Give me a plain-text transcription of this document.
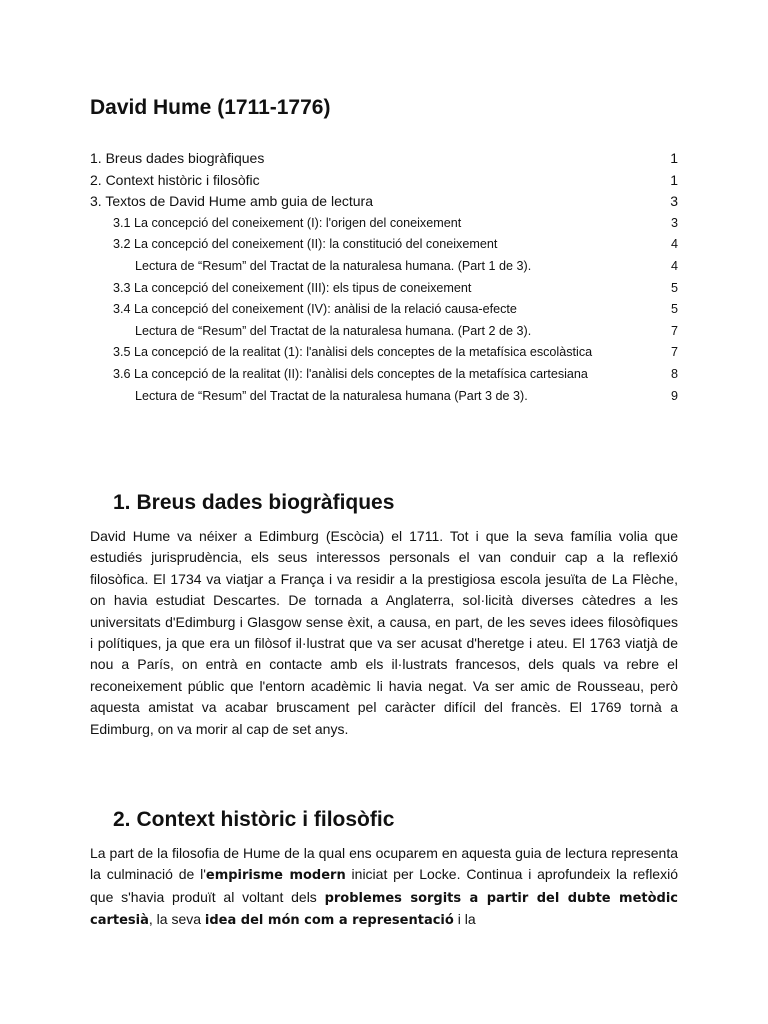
David Hume (1711-1776)
1. Breus dades biogràfiques	1
2. Context històric i filosòfic	1
3. Textos de David Hume amb guia de lectura	3
3.1 La concepció del coneixement (I): l'origen del coneixement	3
3.2 La concepció del coneixement (II): la constitució del coneixement	4
Lectura de “Resum” del Tractat de la naturalesa humana. (Part 1 de 3).	4
3.3 La concepció del coneixement (III): els tipus de coneixement	5
3.4 La concepció del coneixement (IV): anàlisi de la relació causa-efecte	5
Lectura de “Resum” del Tractat de la naturalesa humana. (Part 2 de 3).	7
3.5 La concepció de la realitat (1): l'anàlisi dels conceptes de la metafísica escolàstica	7
3.6 La concepció de la realitat (II): l'anàlisi dels conceptes de la metafísica cartesiana	8
Lectura de “Resum” del Tractat de la naturalesa humana (Part 3 de 3).	9
1. Breus dades biogràfiques

David Hume va néixer a Edimburg (Escòcia) el 1711. Tot i que la seva família volia que estudiés jurisprudència, els seus interessos personals el van conduir cap a la reflexió filosòfica. El 1734 va viatjar a França i va residir a la prestigiosa escola jesuïta de La Flèche, on havia estudiat Descartes. De tornada a Anglaterra, sol·licità diverses càtedres a les universitats d'Edimburg i Glasgow sense èxit, a causa, en part, de les seves idees filosòfiques i polítiques, ja que era un filòsof il·lustrat que va ser acusat d'heretge i ateu. El 1763 viatjà de nou a París, on entrà en contacte amb els il·lustrats francesos, dels quals va rebre el reconeixement públic que l'entorn acadèmic li havia negat. Va ser amic de Rousseau, però aquesta amistat va acabar bruscament pel caràcter difícil del francès. El 1769 tornà a Edimburg, on va morir al cap de set anys.

2. Context històric i filosòfic

La part de la filosofia de Hume de la qual ens ocuparem en aquesta guia de lectura representa la culminació de l'empirisme modern iniciat per Locke. Continua i aprofundeix la reflexió que s'havia produït al voltant dels problemes sorgits a partir del dubte metòdic cartesià, la seva idea del món com a representació i la
